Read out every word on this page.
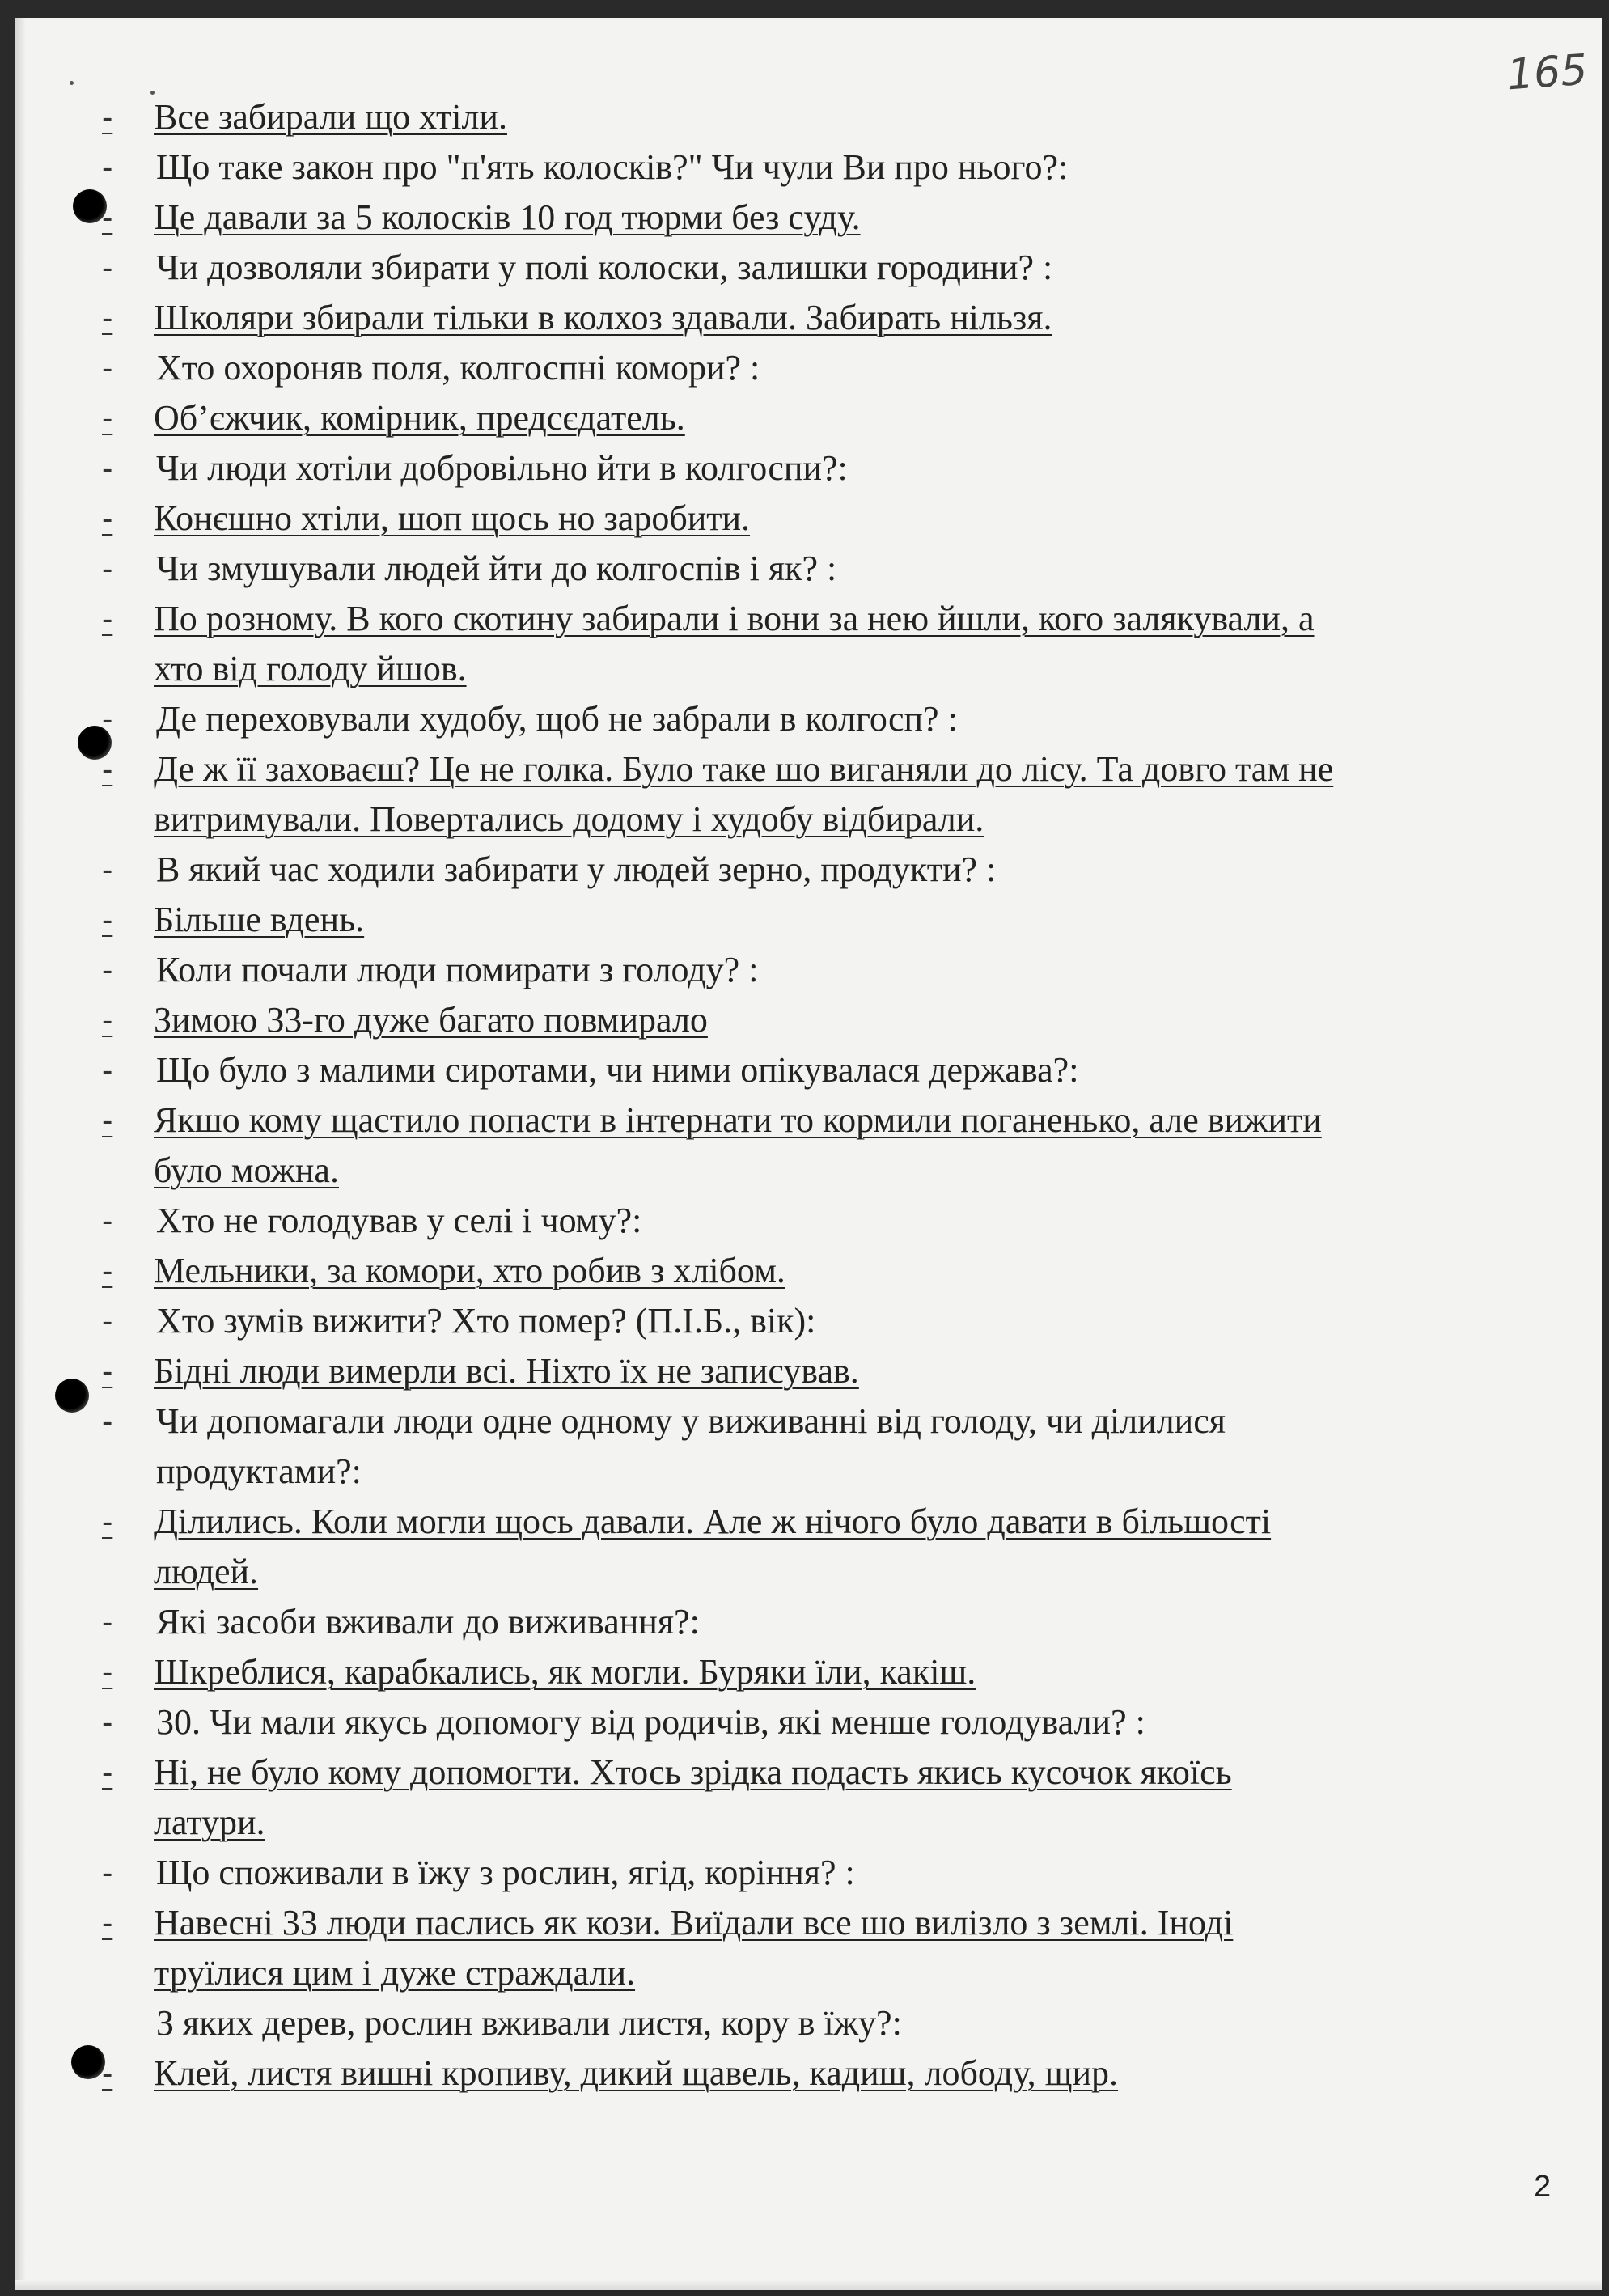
165
2
- Все забирали що хтіли.
- Що таке закон про "п'ять колосків?" Чи чули Ви про нього?:
- Це давали за 5 колосків 10 год тюрми без суду.
- Чи дозволяли збирати у полі колоски, залишки городини? :
- Школяри збирали тільки в колхоз здавали. Забирать нільзя.
- Хто охороняв поля, колгоспні комори? :
- Об’єжчик, комірник, предсєдатель.
- Чи люди хотіли добровільно йти в колгоспи?:
- Конєшно хтіли, шоп щось но заробити.
- Чи змушували людей йти до колгоспів і як? :
- По розному. В кого скотину забирали і вони за нею йшли, кого залякували, а
хто від голоду йшов.
- Де переховували худобу, щоб не забрали в колгосп? :
- Де ж її заховаєш? Це не голка. Було таке шо виганяли до лісу. Та довго там не
витримували. Повертались додому і худобу відбирали.
- В який час ходили забирати у людей зерно, продукти? :
- Більше вдень.
- Коли почали люди помирати з голоду? :
- Зимою 33-го дуже багато повмирало
- Що було з малими сиротами, чи ними опікувалася держава?:
- Якшо кому щастило попасти в інтернати то кормили поганенько, але вижити
було можна.
- Хто не голодував у селі і чому?:
- Мельники, за комори, хто робив з хлібом.
- Хто зумів вижити? Хто помер? (П.І.Б., вік):
- Бідні люди вимерли всі. Ніхто їх не записував.
- Чи допомагали люди одне одному у виживанні від голоду, чи ділилися
продуктами?:
- Ділились. Коли могли щось давали. Але ж нічого було давати в більшості
людей.
- Які засоби вживали до виживання?:
- Шкреблися, карабкались, як могли. Буряки їли, какіш.
- 30. Чи мали якусь допомогу від родичів, які менше голодували? :
- Ні, не було кому допомогти. Хтось зрідка подасть якись кусочок якоїсь
латури.
- Що споживали в їжу з рослин, ягід, коріння? :
- Навесні 33 люди паслись як кози. Виїдали все шо вилізло з землі. Іноді
труїлися цим і дуже страждали.
З яких дерев, рослин вживали листя, кору в їжу?:
- Клей, листя вишні кропиву, дикий щавель, кадиш, лободу, щир.
